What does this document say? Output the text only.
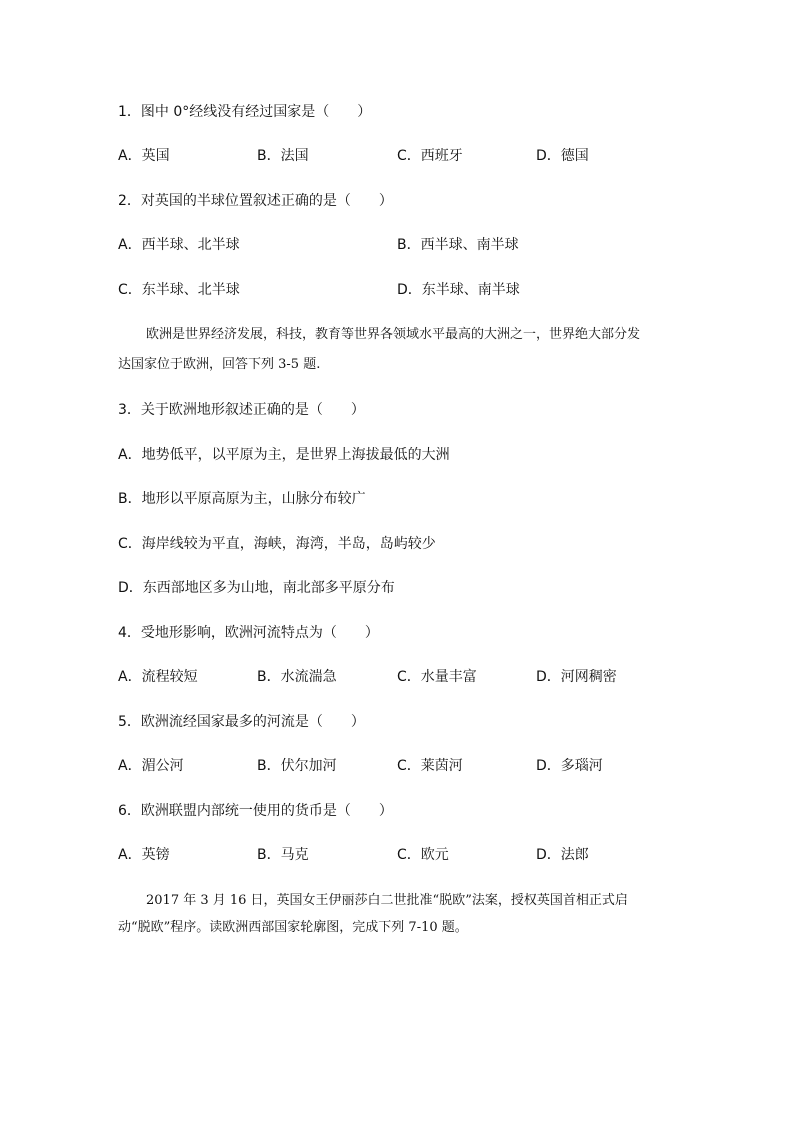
1．图中 0°经线没有经过国家是（　　）
A．英国	B．法国	C．西班牙	D．德国
2．对英国的半球位置叙述正确的是（　　）
A．西半球、北半球	B．西半球、南半球
C．东半球、北半球	D．东半球、南半球
欧洲是世界经济发展，科技，教育等世界各领域水平最高的大洲之一，世界绝大部分发
达国家位于欧洲，回答下列 3-5 题.
3．关于欧洲地形叙述正确的是（　　）
A．地势低平，以平原为主，是世界上海拔最低的大洲
B．地形以平原高原为主，山脉分布较广
C．海岸线较为平直，海峡，海湾，半岛，岛屿较少
D．东西部地区多为山地，南北部多平原分布
4．受地形影响，欧洲河流特点为（　　）
A．流程较短	B．水流湍急	C．水量丰富	D．河网稠密
5．欧洲流经国家最多的河流是（　　）
A．湄公河	B．伏尔加河	C．莱茵河	D．多瑙河
6．欧洲联盟内部统一使用的货币是（　　）
A．英镑	B．马克	C．欧元	D．法郎
2017 年 3 月 16 日，英国女王伊丽莎白二世批准“脱欧”法案，授权英国首相正式启
动“脱欧”程序。读欧洲西部国家轮廓图，完成下列 7-10 题。
